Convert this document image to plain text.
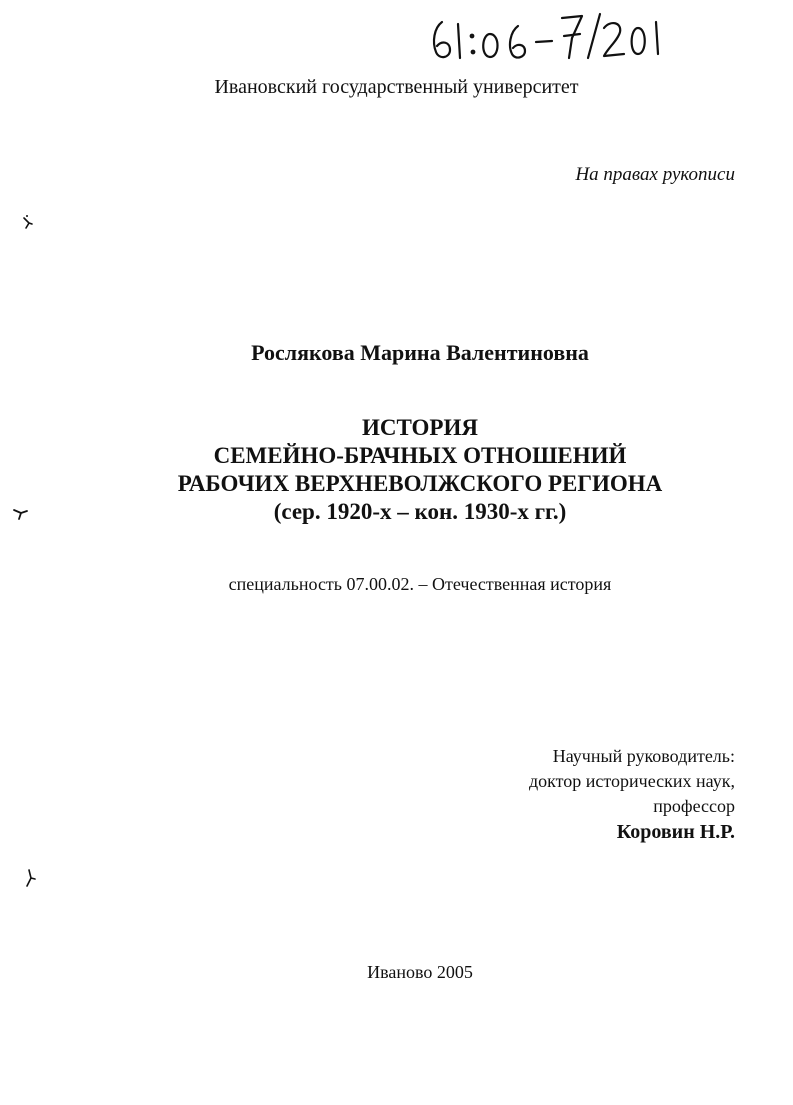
Ивановский государственный университет
На правах рукописи
Рослякова Марина Валентиновна
ИСТОРИЯ
СЕМЕЙНО-БРАЧНЫХ ОТНОШЕНИЙ
РАБОЧИХ ВЕРХНЕВОЛЖСКОГО РЕГИОНА
(сер. 1920-х – кон. 1930-х гг.)
специальность 07.00.02. – Отечественная история
Научный руководитель:
доктор исторических наук,
профессор
Коровин Н.Р.
Иваново 2005
